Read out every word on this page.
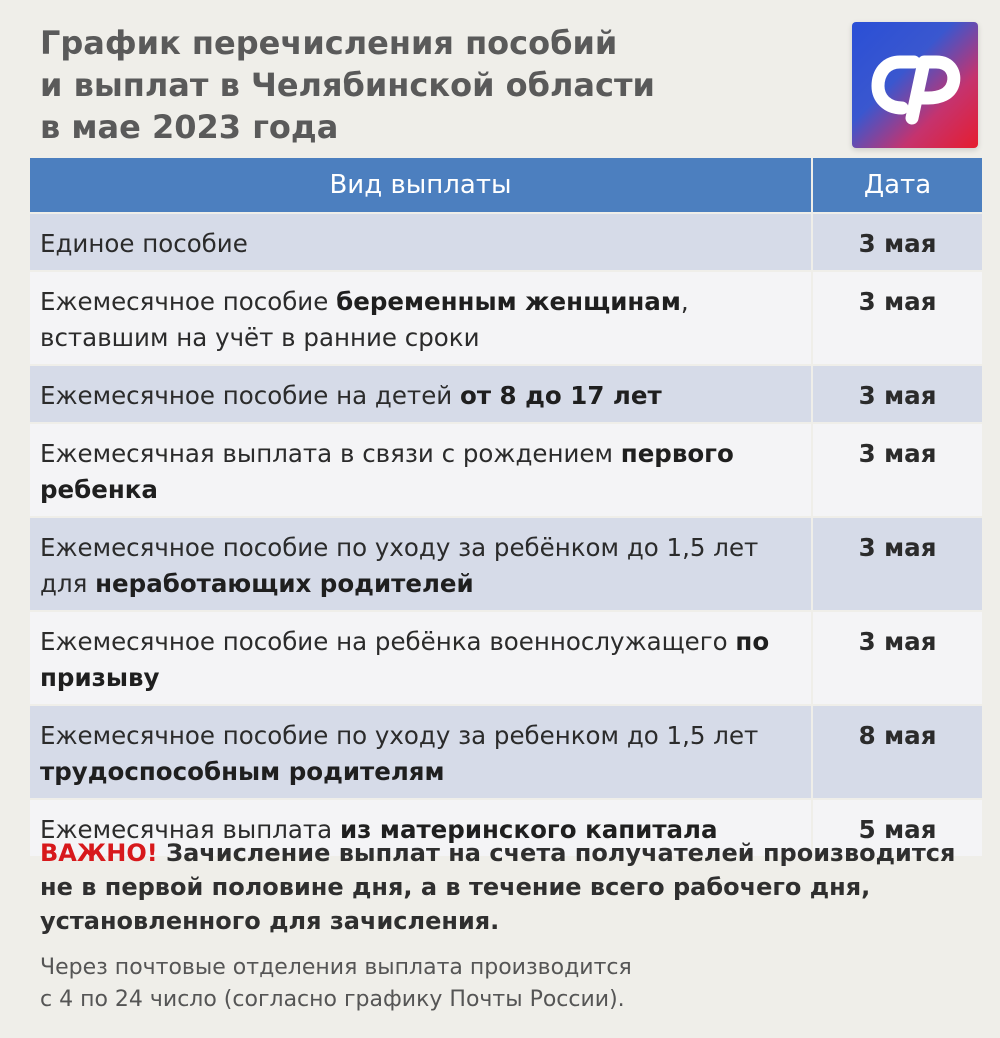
График перечисления пособий
и выплат в Челябинской области
в мае 2023 года
Вид выплаты	Дата
Единое пособие	3 мая
Ежемесячное пособие беременным женщинам, вставшим на учёт в ранние сроки	3 мая
Ежемесячное пособие на детей от 8 до 17 лет	3 мая
Ежемесячная выплата в связи с рождением первого ребенка	3 мая
Ежемесячное пособие по уходу за ребёнком до 1,5 лет для неработающих родителей	3 мая
Ежемесячное пособие на ребёнка военнослужащего по призыву	3 мая
Ежемесячное пособие по уходу за ребенком до 1,5 лет трудоспособным родителям	8 мая
Ежемесячная выплата из материнского капитала	5 мая
ВАЖНО! Зачисление выплат на счета получателей производится не в первой половине дня, а в течение всего рабочего дня, установленного для зачисления.
Через почтовые отделения выплата производится
с 4 по 24 число (согласно графику Почты России).
